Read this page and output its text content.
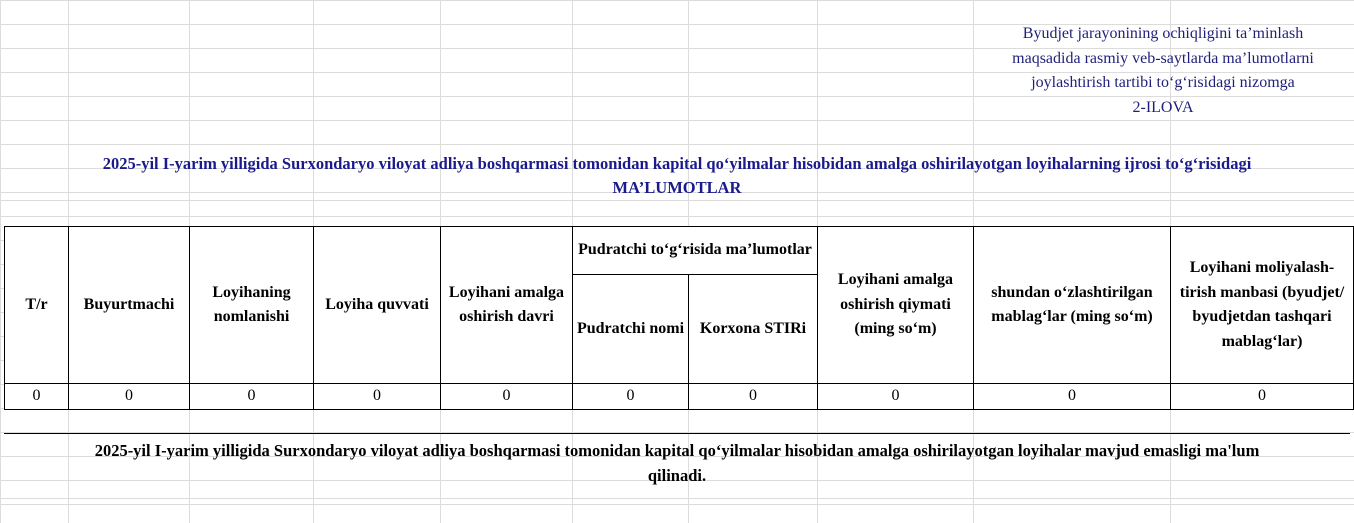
Byudjet jarayonining ochiqligini ta’minlash
maqsadida rasmiy veb-saytlarda ma’lumotlarni
joylashtirish tartibi to‘g‘risidagi nizomga
2-ILOVA
2025-yil I-yarim yilligida Surxondaryo viloyat adliya boshqarmasi tomonidan kapital qo‘yilmalar hisobidan amalga oshirilayotgan loyihalarning ijrosi to‘g‘risidagi
MA’LUMOTLAR
T/r	Buyurtmachi	Loyihaning nomlanishi	Loyiha quvvati	Loyihani amalga oshirish davri	Pudratchi to‘g‘risida ma’lumotlar		Loyihani amalga oshirish qiymati (ming so‘m)	shundan o‘zlashtirilgan mablag‘lar (ming so‘m)	Loyihani moliyalash-tirish manbasi (byudjet/ byudjetdan tashqari mablag‘lar)
					Pudratchi nomi	Korxona STIRi			
0	0	0	0	0	0	0	0	0	0
2025-yil I-yarim yilligida Surxondaryo viloyat adliya boshqarmasi tomonidan kapital qo‘yilmalar hisobidan amalga oshirilayotgan loyihalar mavjud emasligi ma'lum
qilinadi.
